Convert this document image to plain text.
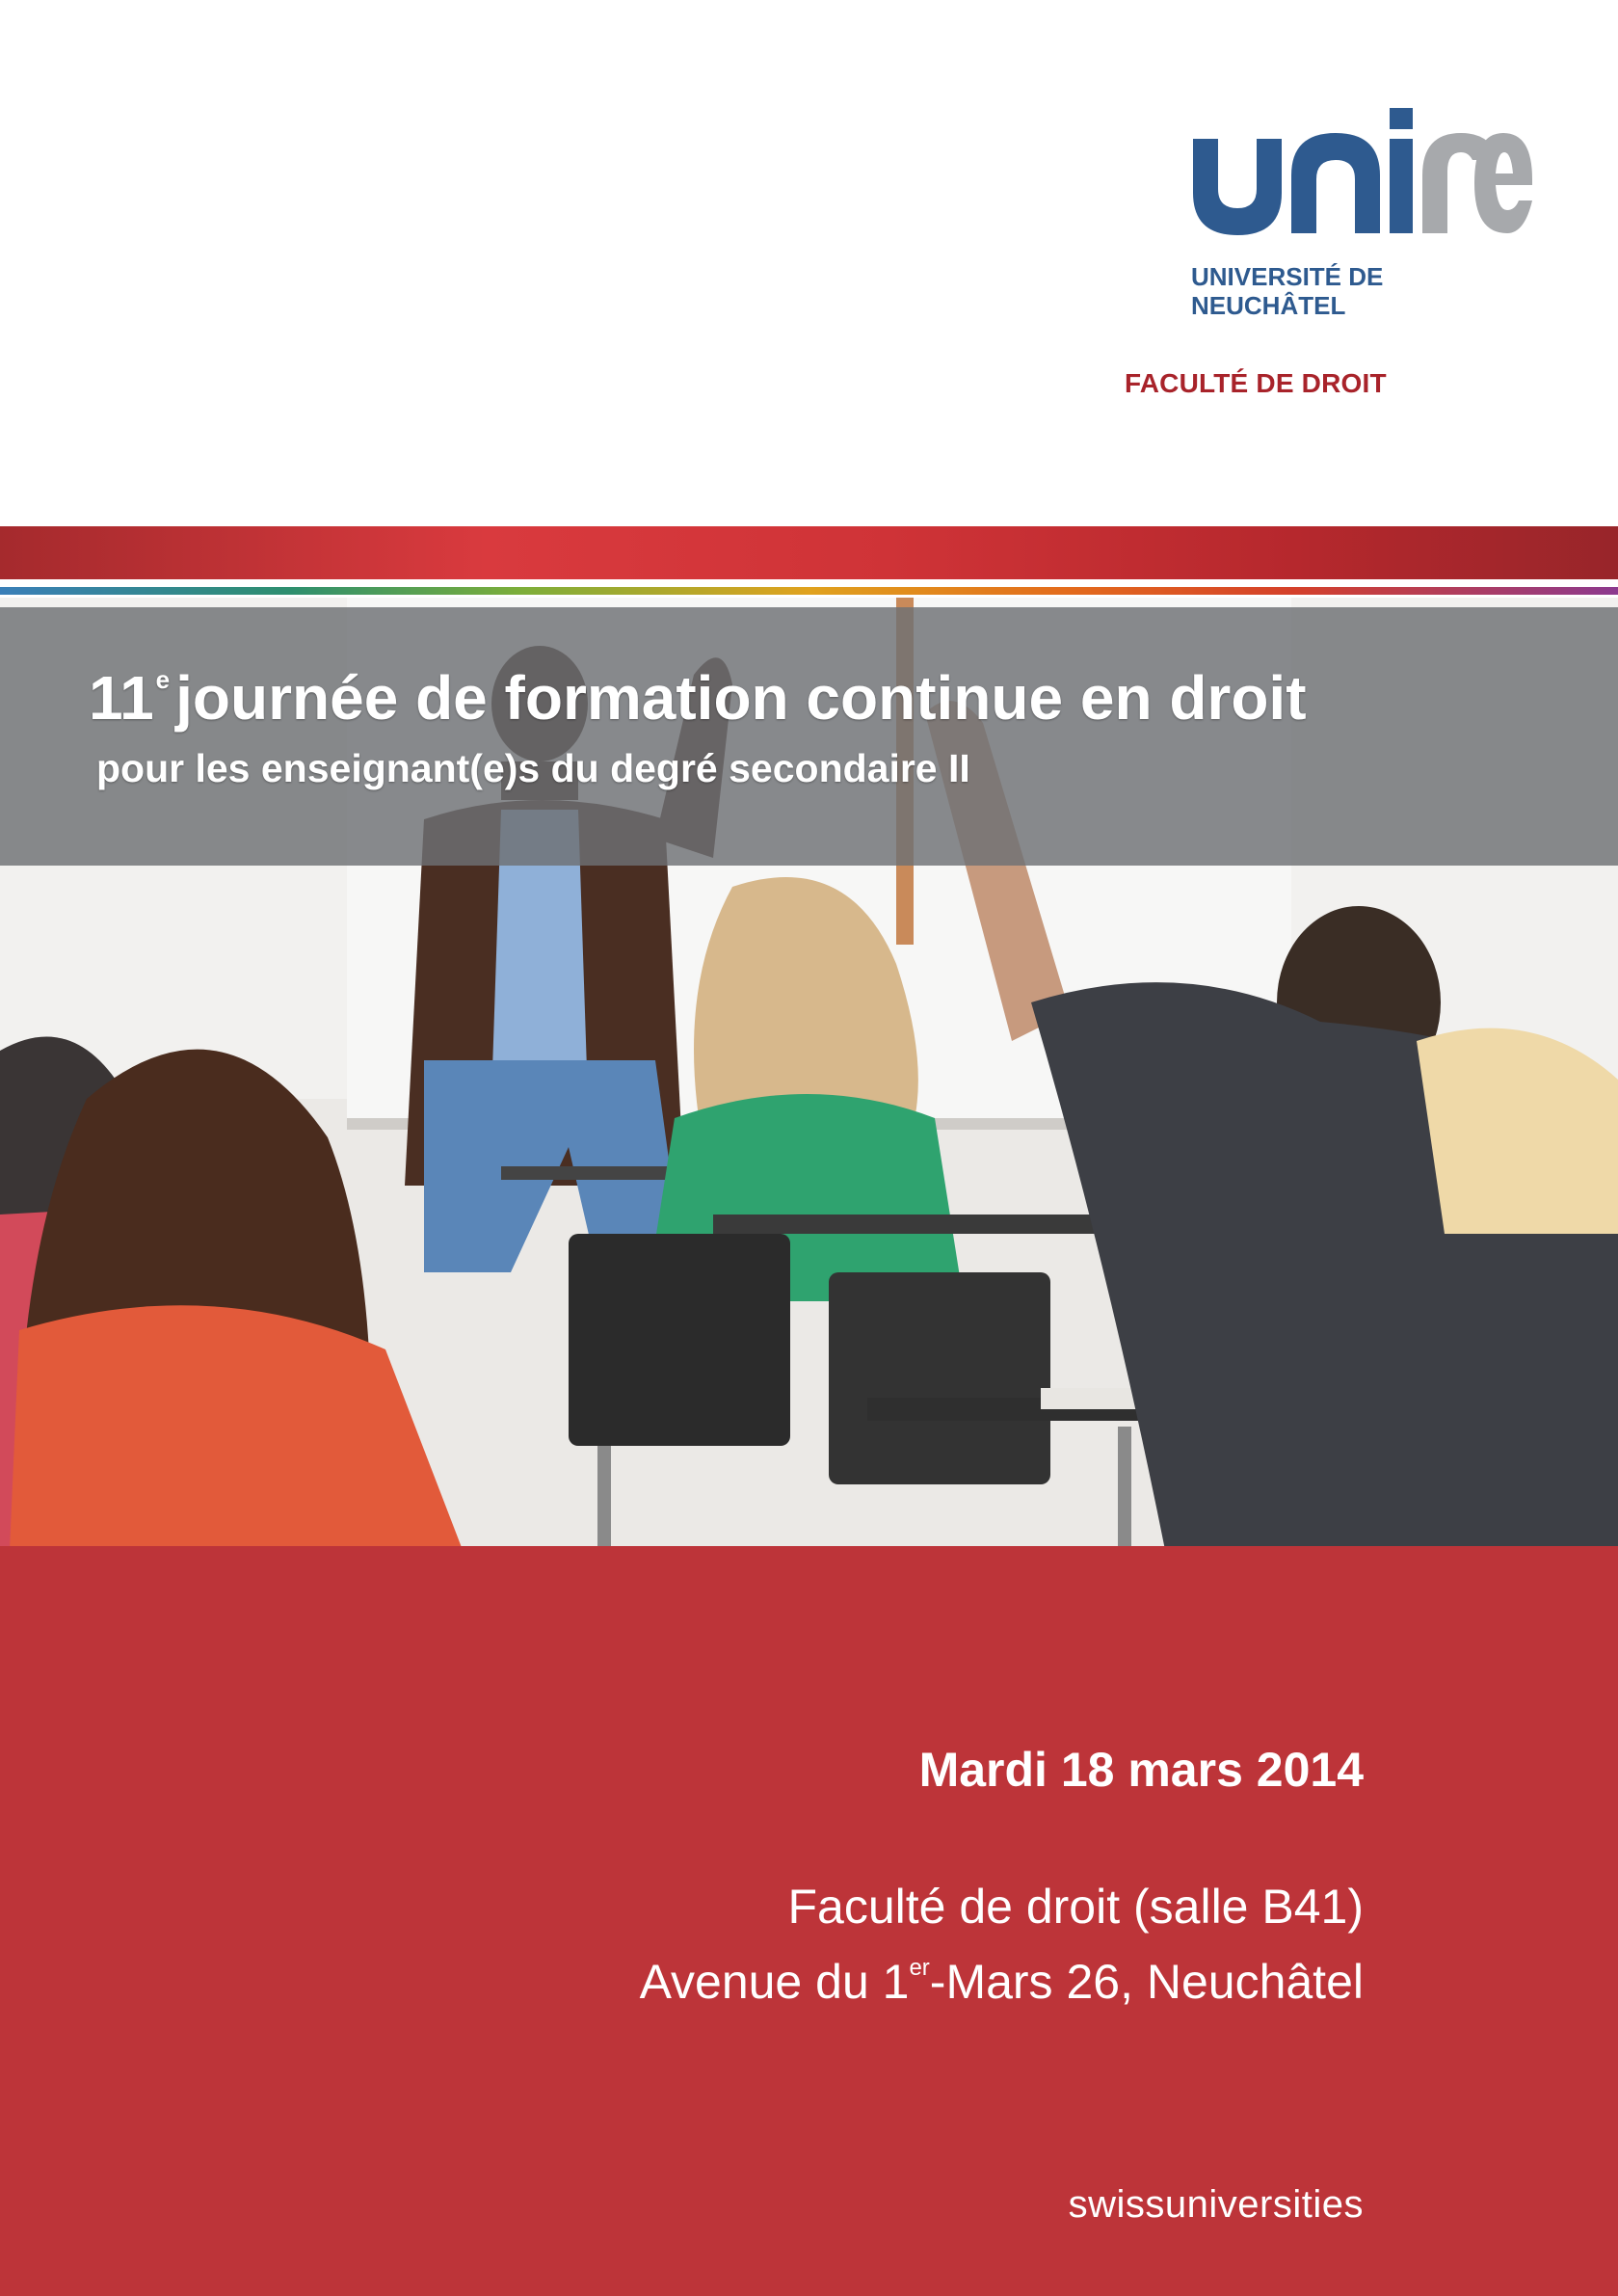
UNIVERSITÉ DE
NEUCHÂTEL
FACULTÉ DE DROIT
11ejournée de formation continue en droit
pour les enseignant(e)s du degré secondaire II
Mardi 18 mars 2014
Faculté de droit (salle B41)
Avenue du 1er-Mars 26, Neuchâtel
swissuniversities
